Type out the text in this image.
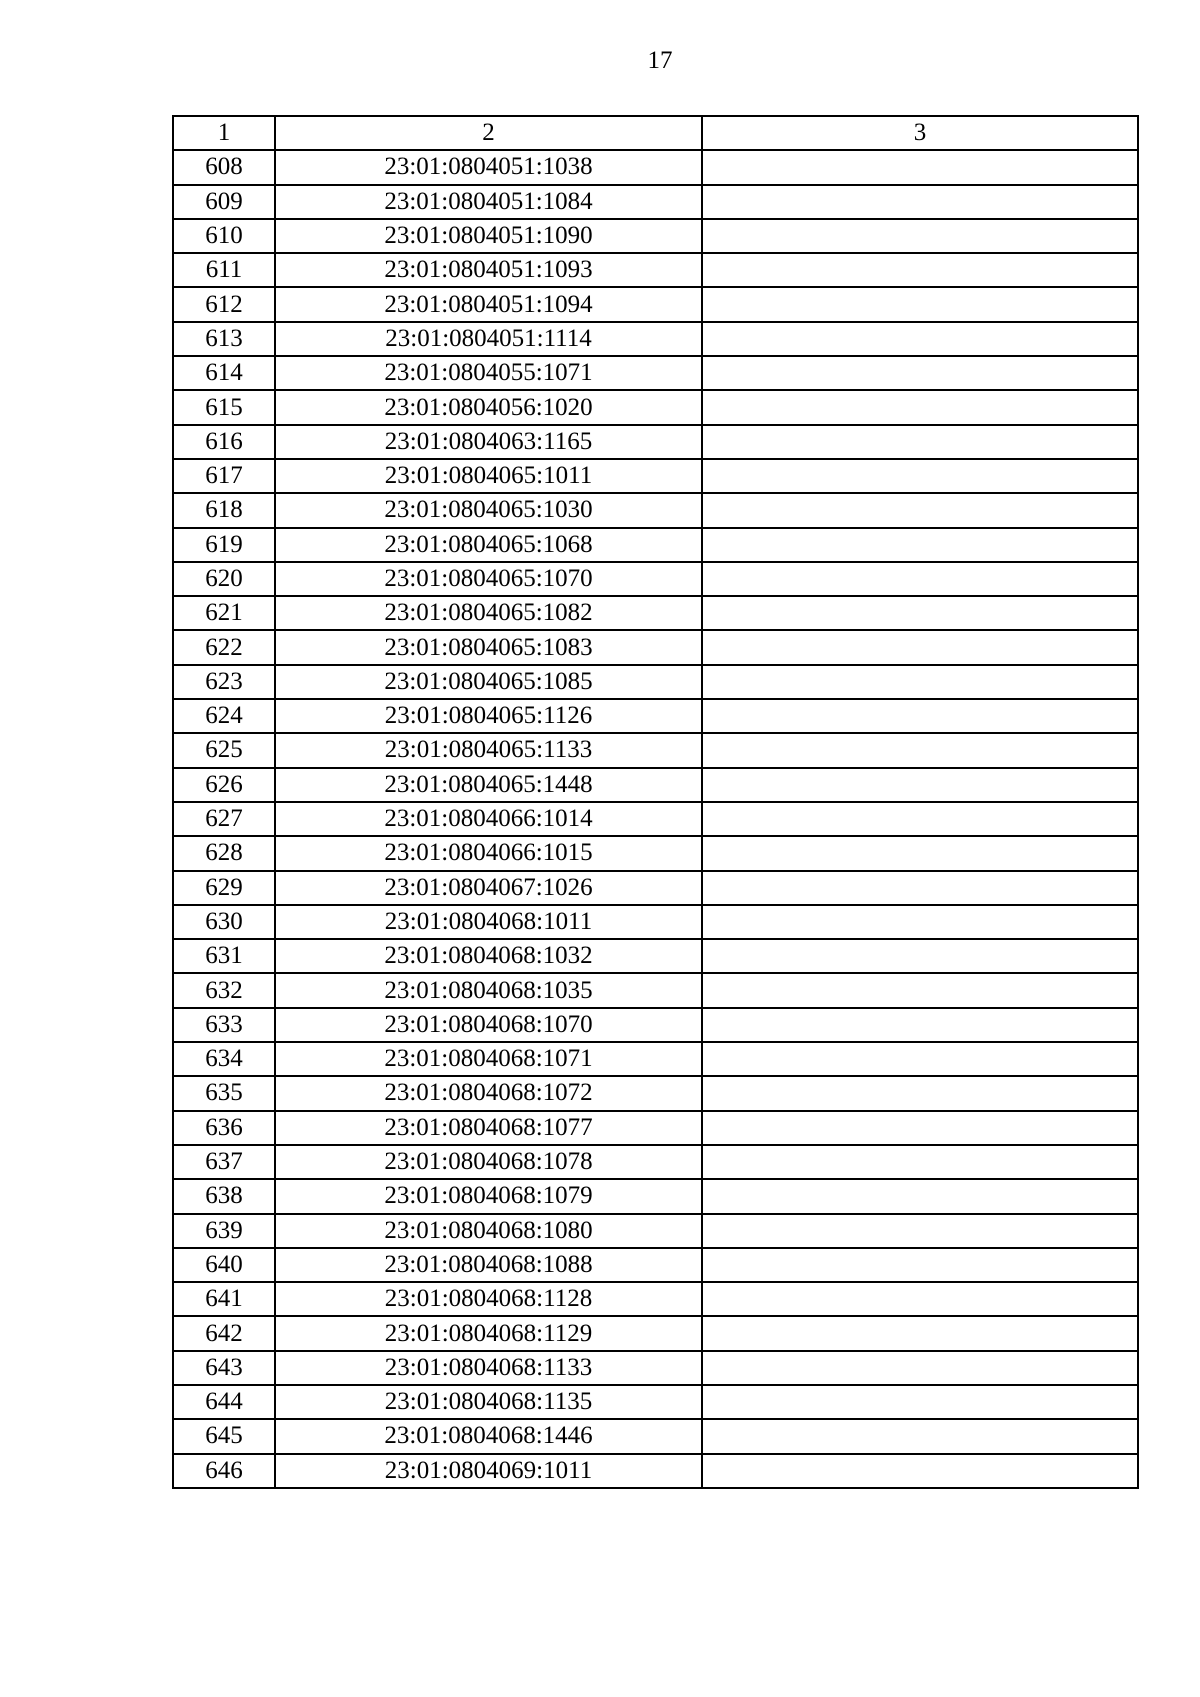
17
1	2	3
608	23:01:0804051:1038	
609	23:01:0804051:1084	
610	23:01:0804051:1090	
611	23:01:0804051:1093	
612	23:01:0804051:1094	
613	23:01:0804051:1114	
614	23:01:0804055:1071	
615	23:01:0804056:1020	
616	23:01:0804063:1165	
617	23:01:0804065:1011	
618	23:01:0804065:1030	
619	23:01:0804065:1068	
620	23:01:0804065:1070	
621	23:01:0804065:1082	
622	23:01:0804065:1083	
623	23:01:0804065:1085	
624	23:01:0804065:1126	
625	23:01:0804065:1133	
626	23:01:0804065:1448	
627	23:01:0804066:1014	
628	23:01:0804066:1015	
629	23:01:0804067:1026	
630	23:01:0804068:1011	
631	23:01:0804068:1032	
632	23:01:0804068:1035	
633	23:01:0804068:1070	
634	23:01:0804068:1071	
635	23:01:0804068:1072	
636	23:01:0804068:1077	
637	23:01:0804068:1078	
638	23:01:0804068:1079	
639	23:01:0804068:1080	
640	23:01:0804068:1088	
641	23:01:0804068:1128	
642	23:01:0804068:1129	
643	23:01:0804068:1133	
644	23:01:0804068:1135	
645	23:01:0804068:1446	
646	23:01:0804069:1011	
